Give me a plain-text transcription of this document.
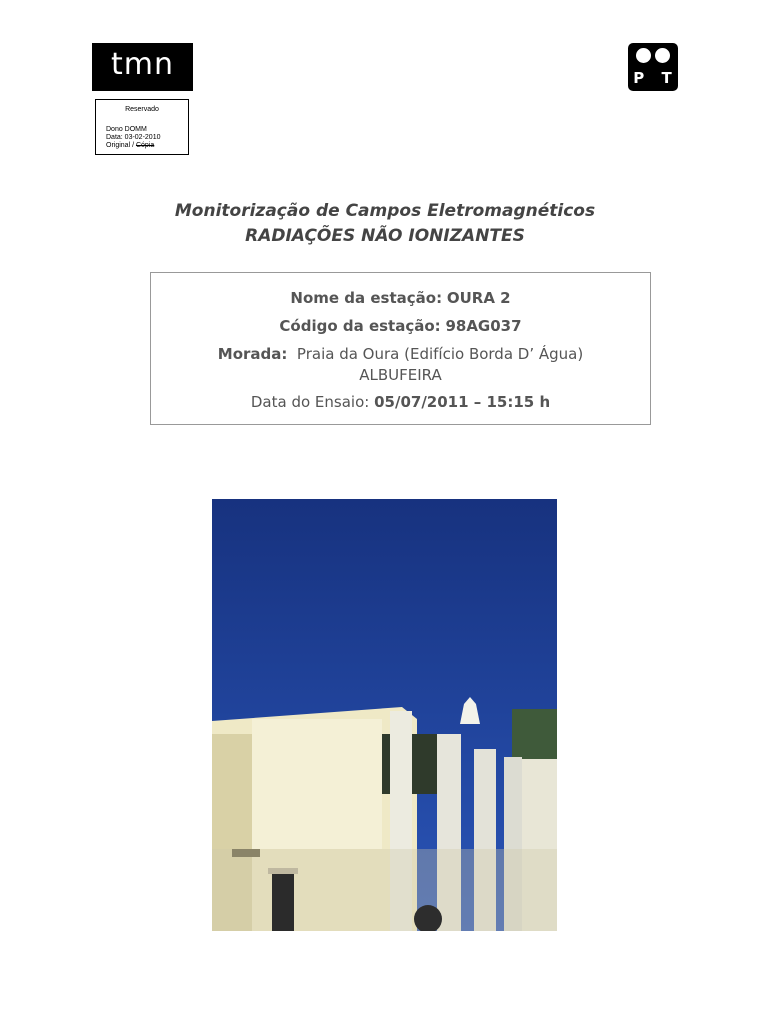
tmn	P T
Reservado
Dono DOMM
Data: 03-02-2010
Original / Cópia
Monitorização de Campos Eletromagnéticos
RADIAÇÕES NÃO IONIZANTES
Nome da estação: OURA 2
Código da estação: 98AG037
Morada: Praia da Oura (Edifício Borda D’ Água)
ALBUFEIRA
Data do Ensaio: 05/07/2011 – 15:15 h
